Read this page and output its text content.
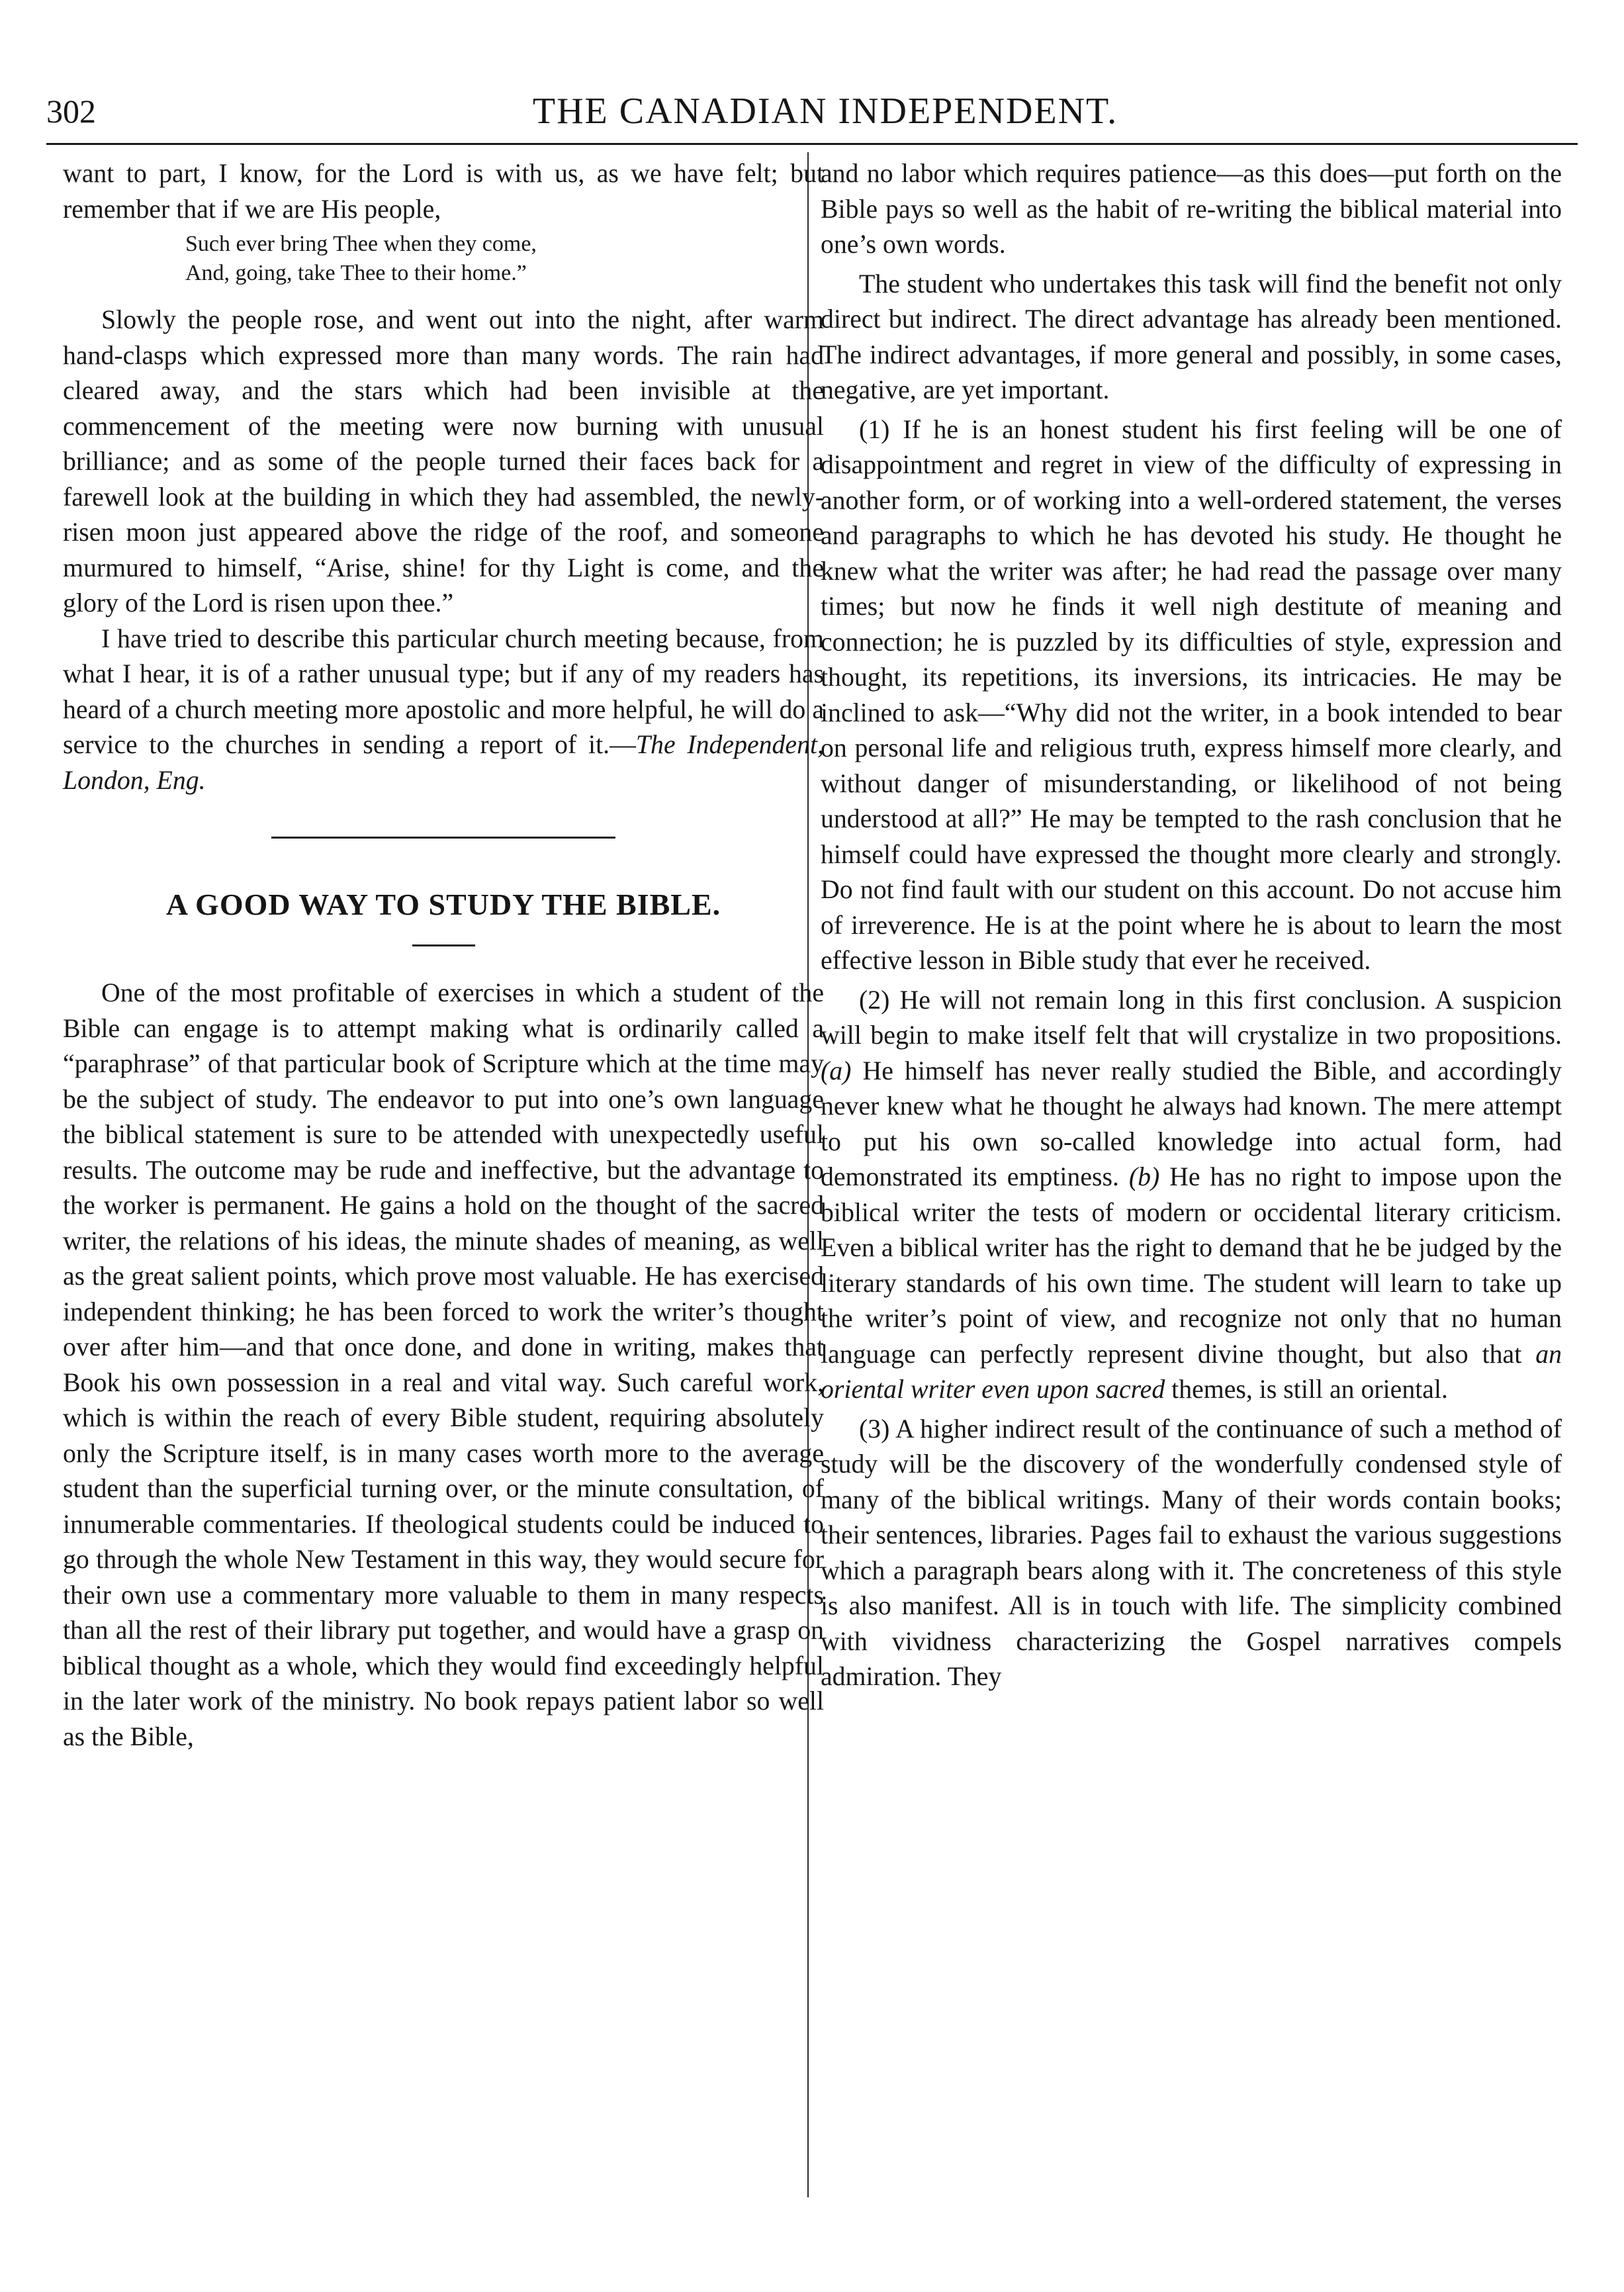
302	THE CANADIAN INDEPENDENT.

want to part, I know, for the Lord is with us, as we have felt; but remember that if we are His people,

Such ever bring Thee when they come,
And, going, take Thee to their home.”

Slowly the people rose, and went out into the night, after warm hand-clasps which expressed more than many words. The rain had cleared away, and the stars which had been invisible at the commencement of the meeting were now burning with unusual brilliance; and as some of the people turned their faces back for a farewell look at the building in which they had assembled, the newly-risen moon just appeared above the ridge of the roof, and someone murmured to himself, “Arise, shine! for thy Light is come, and the glory of the Lord is risen upon thee.”

I have tried to describe this particular church meeting because, from what I hear, it is of a rather unusual type; but if any of my readers has heard of a church meeting more apostolic and more helpful, he will do a service to the churches in sending a report of it.—The Independent, London, Eng.

A GOOD WAY TO STUDY THE BIBLE.

One of the most profitable of exercises in which a student of the Bible can engage is to attempt making what is ordinarily called a “paraphrase” of that particular book of Scripture which at the time may be the subject of study. The endeavor to put into one’s own language the biblical statement is sure to be attended with unexpectedly useful results. The outcome may be rude and ineffective, but the advantage to the worker is permanent. He gains a hold on the thought of the sacred writer, the relations of his ideas, the minute shades of meaning, as well as the great salient points, which prove most valuable. He has exercised independent thinking; he has been forced to work the writer’s thought over after him—and that once done, and done in writing, makes that Book his own possession in a real and vital way. Such careful work, which is within the reach of every Bible student, requiring absolutely only the Scripture itself, is in many cases worth more to the average student than the superficial turning over, or the minute consultation, of innumerable commentaries. If theological students could be induced to go through the whole New Testament in this way, they would secure for their own use a commentary more valuable to them in many respects than all the rest of their library put together, and would have a grasp on biblical thought as a whole, which they would find exceedingly helpful in the later work of the ministry. No book repays patient labor so well as the Bible,

and no labor which requires patience—as this does—put forth on the Bible pays so well as the habit of re-writing the biblical material into one’s own words.

The student who undertakes this task will find the benefit not only direct but indirect. The direct advantage has already been mentioned. The indirect advantages, if more general and possibly, in some cases, negative, are yet important.

(1) If he is an honest student his first feeling will be one of disappointment and regret in view of the difficulty of expressing in another form, or of working into a well-ordered statement, the verses and paragraphs to which he has devoted his study. He thought he knew what the writer was after; he had read the passage over many times; but now he finds it well nigh destitute of meaning and connection; he is puzzled by its difficulties of style, expression and thought, its repetitions, its inversions, its intricacies. He may be inclined to ask—“Why did not the writer, in a book intended to bear on personal life and religious truth, express himself more clearly, and without danger of misunderstanding, or likelihood of not being understood at all?” He may be tempted to the rash conclusion that he himself could have expressed the thought more clearly and strongly. Do not find fault with our student on this account. Do not accuse him of irreverence. He is at the point where he is about to learn the most effective lesson in Bible study that ever he received.

(2) He will not remain long in this first conclusion. A suspicion will begin to make itself felt that will crystalize in two propositions. (a) He himself has never really studied the Bible, and accordingly never knew what he thought he always had known. The mere attempt to put his own so-called knowledge into actual form, had demonstrated its emptiness. (b) He has no right to impose upon the biblical writer the tests of modern or occidental literary criticism. Even a biblical writer has the right to demand that he be judged by the literary standards of his own time. The student will learn to take up the writer’s point of view, and recognize not only that no human language can perfectly represent divine thought, but also that an oriental writer even upon sacred themes, is still an oriental.

(3) A higher indirect result of the continuance of such a method of study will be the discovery of the wonderfully condensed style of many of the biblical writings. Many of their words contain books; their sentences, libraries. Pages fail to exhaust the various suggestions which a paragraph bears along with it. The concreteness of this style is also manifest. All is in touch with life. The simplicity combined with vividness characterizing the Gospel narratives compels admiration. They
